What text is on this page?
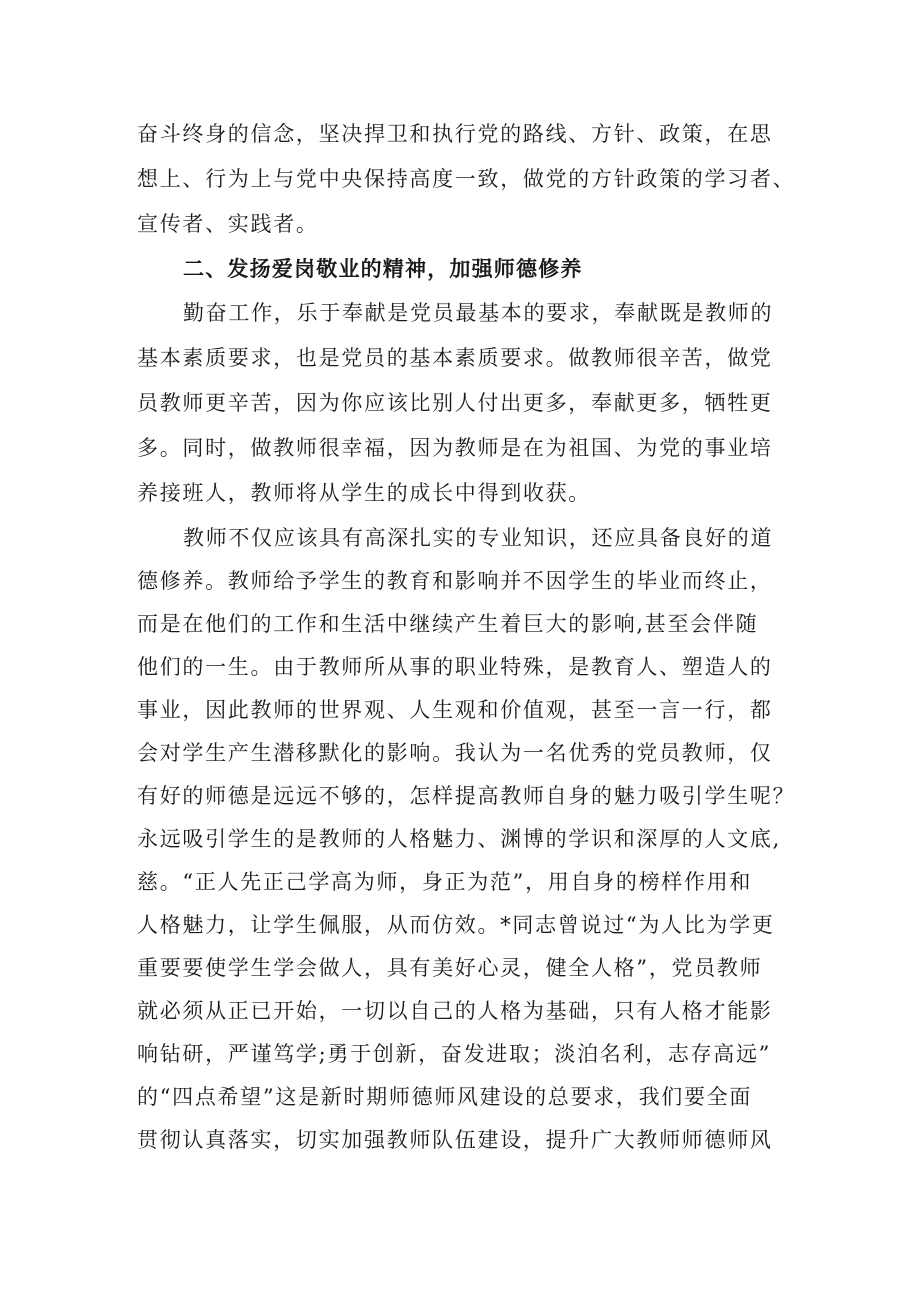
奋斗终身的信念，坚决捍卫和执行党的路线、方针、政策，在思
想上、行为上与党中央保持高度一致，做党的方针政策的学习者、
宣传者、实践者。
二、发扬爱岗敬业的精神，加强师德修养
勤奋工作，乐于奉献是党员最基本的要求，奉献既是教师的
基本素质要求，也是党员的基本素质要求。做教师很辛苦，做党
员教师更辛苦，因为你应该比别人付出更多，奉献更多，牺牲更
多。同时，做教师很幸福，因为教师是在为祖国、为党的事业培
养接班人，教师将从学生的成长中得到收获。
教师不仅应该具有高深扎实的专业知识，还应具备良好的道
德修养。教师给予学生的教育和影响并不因学生的毕业而终止，
而是在他们的工作和生活中继续产生着巨大的影响,甚至会伴随
他们的一生。由于教师所从事的职业特殊，是教育人、塑造人的
事业，因此教师的世界观、人生观和价值观，甚至一言一行，都
会对学生产生潜移默化的影响。我认为一名优秀的党员教师，仅
有好的师德是远远不够的，怎样提高教师自身的魅力吸引学生呢？
永远吸引学生的是教师的人格魅力、渊博的学识和深厚的人文底,
慈。“正人先正己学高为师，身正为范”，用自身的榜样作用和
人格魅力，让学生佩服，从而仿效。*同志曾说过“为人比为学更
重要要使学生学会做人，具有美好心灵，健全人格”，党员教师
就必须从正已开始，一切以自己的人格为基础，只有人格才能影
响钻研，严谨笃学;勇于创新，奋发进取；淡泊名利，志存高远”
的“四点希望”这是新时期师德师风建设的总要求，我们要全面
贯彻认真落实，切实加强教师队伍建设，提升广大教师师德师风
